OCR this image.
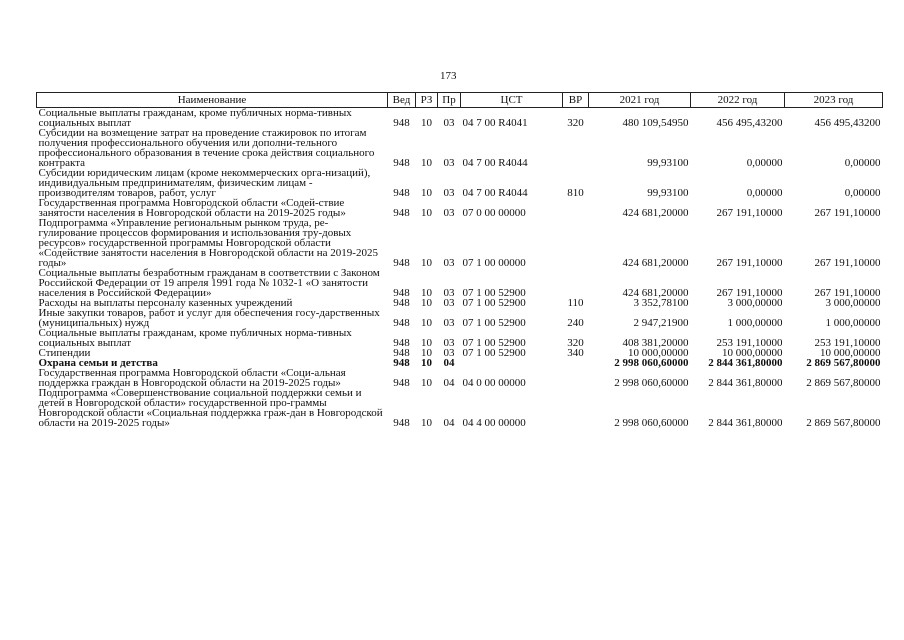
173
Наименование	Вед	РЗ	Пр	ЦСТ	ВР	2021 год	2022 год	2023 год
Социальные выплаты гражданам, кроме публичных норма-тивных социальных выплат	948	10	03	04 7 00 R4041	320	480 109,54950	456 495,43200	456 495,43200
Субсидии на возмещение затрат на проведение стажировок по итогам получения профессионального обучения или дополни-тельного профессионального образования в течение срока действия социального контракта	948	10	03	04 7 00 R4044		99,93100	0,00000	0,00000
Субсидии юридическим лицам (кроме некоммерческих орга-низаций), индивидуальным предпринимателям, физическим лицам - производителям товаров, работ, услуг	948	10	03	04 7 00 R4044	810	99,93100	0,00000	0,00000
Государственная программа Новгородской области «Содей-ствие занятости населения в Новгородской области на 2019-2025 годы»	948	10	03	07 0 00 00000		424 681,20000	267 191,10000	267 191,10000
Подпрограмма «Управление региональным рынком труда, ре-гулирование процессов формирования и использования тру-довых ресурсов» государственной программы Новгородской области «Содействие занятости населения в Новгородской области на 2019-2025 годы»	948	10	03	07 1 00 00000		424 681,20000	267 191,10000	267 191,10000
Социальные выплаты безработным гражданам в соответствии с Законом Российской Федерации от 19 апреля 1991 года № 1032-1 «О занятости населения в Российской Федерации»	948	10	03	07 1 00 52900		424 681,20000	267 191,10000	267 191,10000
Расходы на выплаты персоналу казенных учреждений	948	10	03	07 1 00 52900	110	3 352,78100	3 000,00000	3 000,00000
Иные закупки товаров, работ и услуг для обеспечения госу-дарственных (муниципальных) нужд	948	10	03	07 1 00 52900	240	2 947,21900	1 000,00000	1 000,00000
Социальные выплаты гражданам, кроме публичных норма-тивных социальных выплат	948	10	03	07 1 00 52900	320	408 381,20000	253 191,10000	253 191,10000
Стипендии	948	10	03	07 1 00 52900	340	10 000,00000	10 000,00000	10 000,00000
Охрана семьи и детства	948	10	04			2 998 060,60000	2 844 361,80000	2 869 567,80000
Государственная программа Новгородской области «Соци-альная поддержка граждан в Новгородской области на 2019-2025 годы»	948	10	04	04 0 00 00000		2 998 060,60000	2 844 361,80000	2 869 567,80000
Подпрограмма «Совершенствование социальной поддержки семьи и детей в Новгородской области» государственной про-граммы Новгородской области «Социальная поддержка граж-дан в Новгородской области на 2019-2025 годы»	948	10	04	04 4 00 00000		2 998 060,60000	2 844 361,80000	2 869 567,80000
